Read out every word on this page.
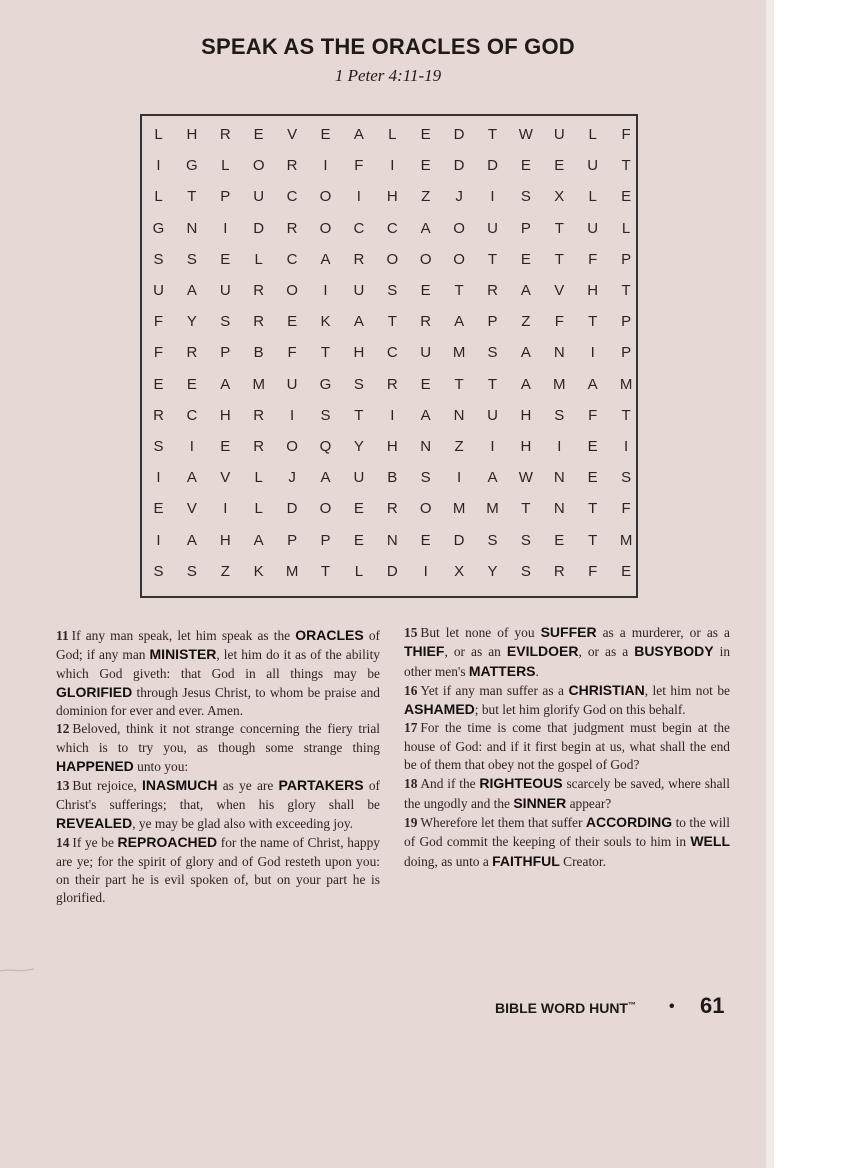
SPEAK AS THE ORACLES OF GOD
1 Peter 4:11-19
L	H	R	E	V	E	A	L	E	D	T	W	U	L	F
I	G	L	O	R	I	F	I	E	D	D	E	E	U	T
L	T	P	U	C	O	I	H	Z	J	I	S	X	L	E
G	N	I	D	R	O	C	C	A	O	U	P	T	U	L
S	S	E	L	C	A	R	O	O	O	T	E	T	F	P
U	A	U	R	O	I	U	S	E	T	R	A	V	H	T
F	Y	S	R	E	K	A	T	R	A	P	Z	F	T	P
F	R	P	B	F	T	H	C	U	M	S	A	N	I	P
E	E	A	M	U	G	S	R	E	T	T	A	M	A	M
R	C	H	R	I	S	T	I	A	N	U	H	S	F	T
S	I	E	R	O	Q	Y	H	N	Z	I	H	I	E	I
I	A	V	L	J	A	U	B	S	I	A	W	N	E	S
E	V	I	L	D	O	E	R	O	M	M	T	N	T	F
I	A	H	A	P	P	E	N	E	D	S	S	E	T	M
S	S	Z	K	M	T	L	D	I	X	Y	S	R	F	E

11 If any man speak, let him speak as the ORACLES of God; if any man MINISTER, let him do it as of the ability which God giveth: that God in all things may be GLORIFIED through Jesus Christ, to whom be praise and dominion for ever and ever. Amen.

12 Beloved, think it not strange concerning the fiery trial which is to try you, as though some strange thing HAPPENED unto you:

13 But rejoice, INASMUCH as ye are PARTAKERS of Christ's sufferings; that, when his glory shall be REVEALED, ye may be glad also with exceeding joy.

14 If ye be REPROACHED for the name of Christ, happy are ye; for the spirit of glory and of God resteth upon you: on their part he is evil spoken of, but on your part he is glorified.

15 But let none of you SUFFER as a murderer, or as a THIEF, or as an EVILDOER, or as a BUSYBODY in other men's MATTERS.

16 Yet if any man suffer as a CHRISTIAN, let him not be ASHAMED; but let him glorify God on this behalf.

17 For the time is come that judgment must begin at the house of God: and if it first begin at us, what shall the end be of them that obey not the gospel of God?

18 And if the RIGHTEOUS scarcely be saved, where shall the ungodly and the SINNER appear?

19 Wherefore let them that suffer ACCORDING to the will of God commit the keeping of their souls to him in WELL doing, as unto a FAITHFUL Creator.

BIBLE WORD HUNT™ • 61
